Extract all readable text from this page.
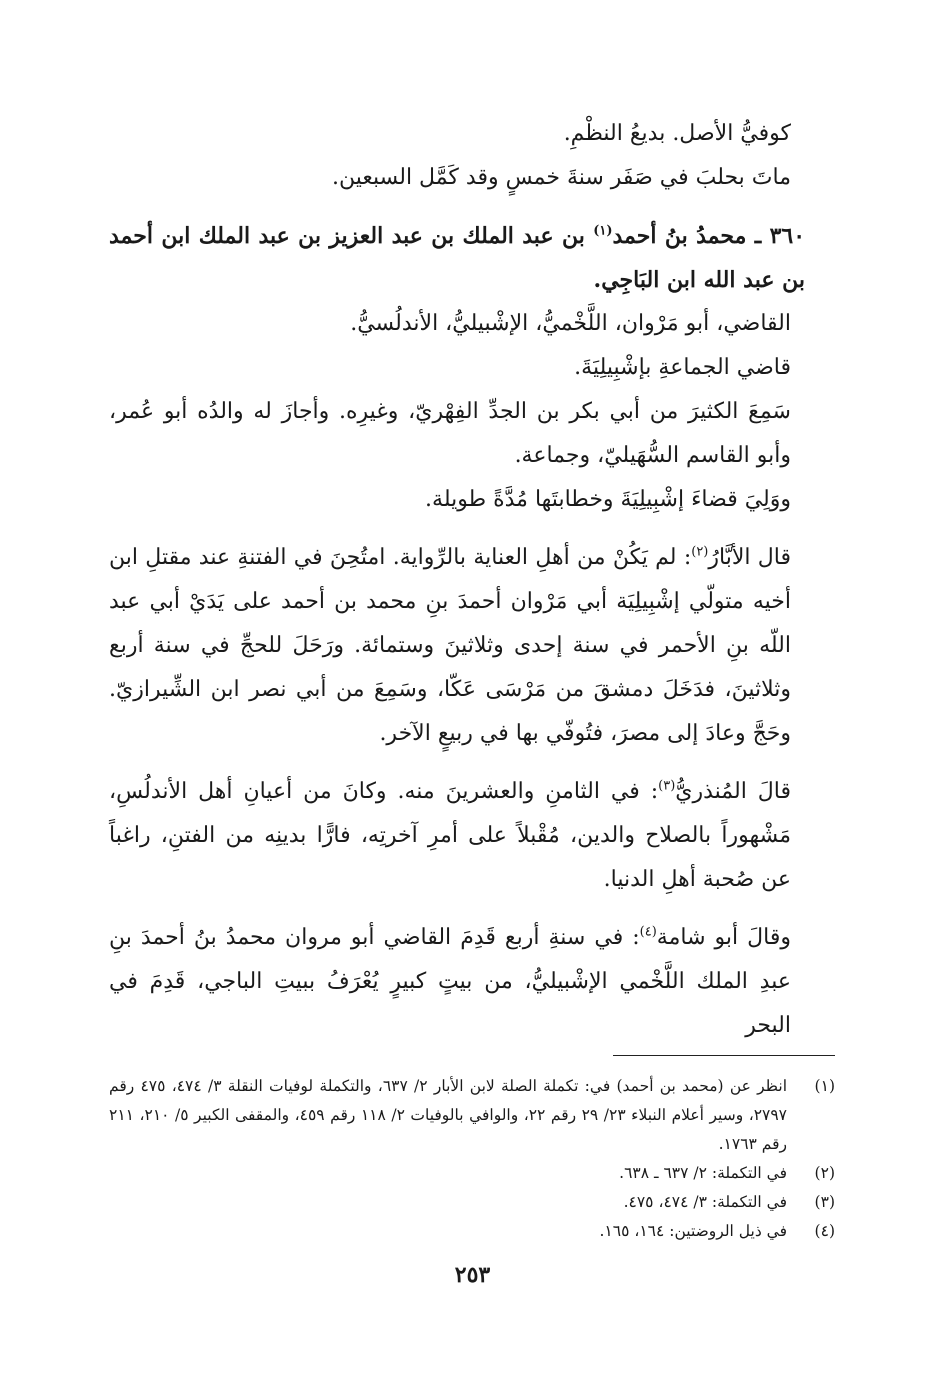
كوفيُّ الأصل. بديعُ النظْمِ.

ماتَ بحلبَ في صَفَر سنةَ خمسٍ وقد كَمَّل السبعين.

٣٦٠ ـ محمدُ بنُ أحمد$^{(١)}$ بن عبد الملك بن عبد العزيز بن عبد الملك ابن أحمد بن عبد الله ابن البَاجِي.

القاضي، أبو مَرْوان، اللَّخْميُّ، الإشْبيليُّ، الأندلُسيُّ.

قاضي الجماعةِ بإشْبِيلِيَةَ.

سَمِعَ الكثيرَ من أبي بكر بن الجدِّ الفِهْريّ، وغيرِه. وأجازَ له والدُه أبو عُمر، وأبو القاسم السُّهَيليّ، وجماعة.

ووَلِيَ قضاءَ إشْبِيلِيَةَ وخطابتَها مُدَّةً طويلة.

قال الأبَّارُ$^{(٢)}$: لم يَكُنْ من أهلِ العناية بالرِّواية. امتُحِنَ في الفتنةِ عند مقتلِ ابن أخيه متولّي إشْبِيلِيَة أبي مَرْوان أحمدَ بنِ محمد بن أحمد على يَدَيْ أبي عبد اللّه بنِ الأحمر في سنة إحدى وثلاثينَ وستمائة. ورَحَلَ للحجِّ في سنة أربع وثلاثينَ، فدَخَلَ دمشقَ من مَرْسَى عَكّا، وسَمِعَ من أبي نصر ابن الشِّيرازيّ. وحَجَّ وعادَ إلى مصرَ، فتُوفّي بها في ربيعٍ الآخر.

قالَ المُنذريُّ$^{(٣)}$: في الثامنِ والعشرينَ منه. وكانَ من أعيانِ أهل الأندلُسِ، مَشْهوراً بالصلاح والدين، مُقْبلاً على أمرِ آخرتِه، فارًّا بدينِه من الفتنِ، راغباً عن صُحبة أهلِ الدنيا.

وقالَ أبو شامة$^{(٤)}$: في سنةِ أربع قَدِمَ القاضي أبو مروان محمدُ بنُ أحمدَ بنِ عبدِ الملك اللَّخْمي الإشْبيليُّ، من بيتٍ كبيرٍ يُعْرَفُ ببيتِ الباجي، قَدِمَ في البحر

(١)
انظر عن (محمد بن أحمد) في: تكملة الصلة لابن الأبار ٢/ ٦٣٧، والتكملة لوفيات النقلة ٣/ ٤٧٤، ٤٧٥ رقم ٢٧٩٧، وسير أعلام النبلاء ٢٣/ ٢٩ رقم ٢٢، والوافي بالوفيات ٢/ ١١٨ رقم ٤٥٩، والمقفى الكبير ٥/ ٢١٠، ٢١١ رقم ١٧٦٣.
(٢)
في التكملة: ٢/ ٦٣٧ ـ ٦٣٨.
(٣)
في التكملة: ٣/ ٤٧٤، ٤٧٥.
(٤)
في ذيل الروضتين: ١٦٤، ١٦٥.
٢٥٣
